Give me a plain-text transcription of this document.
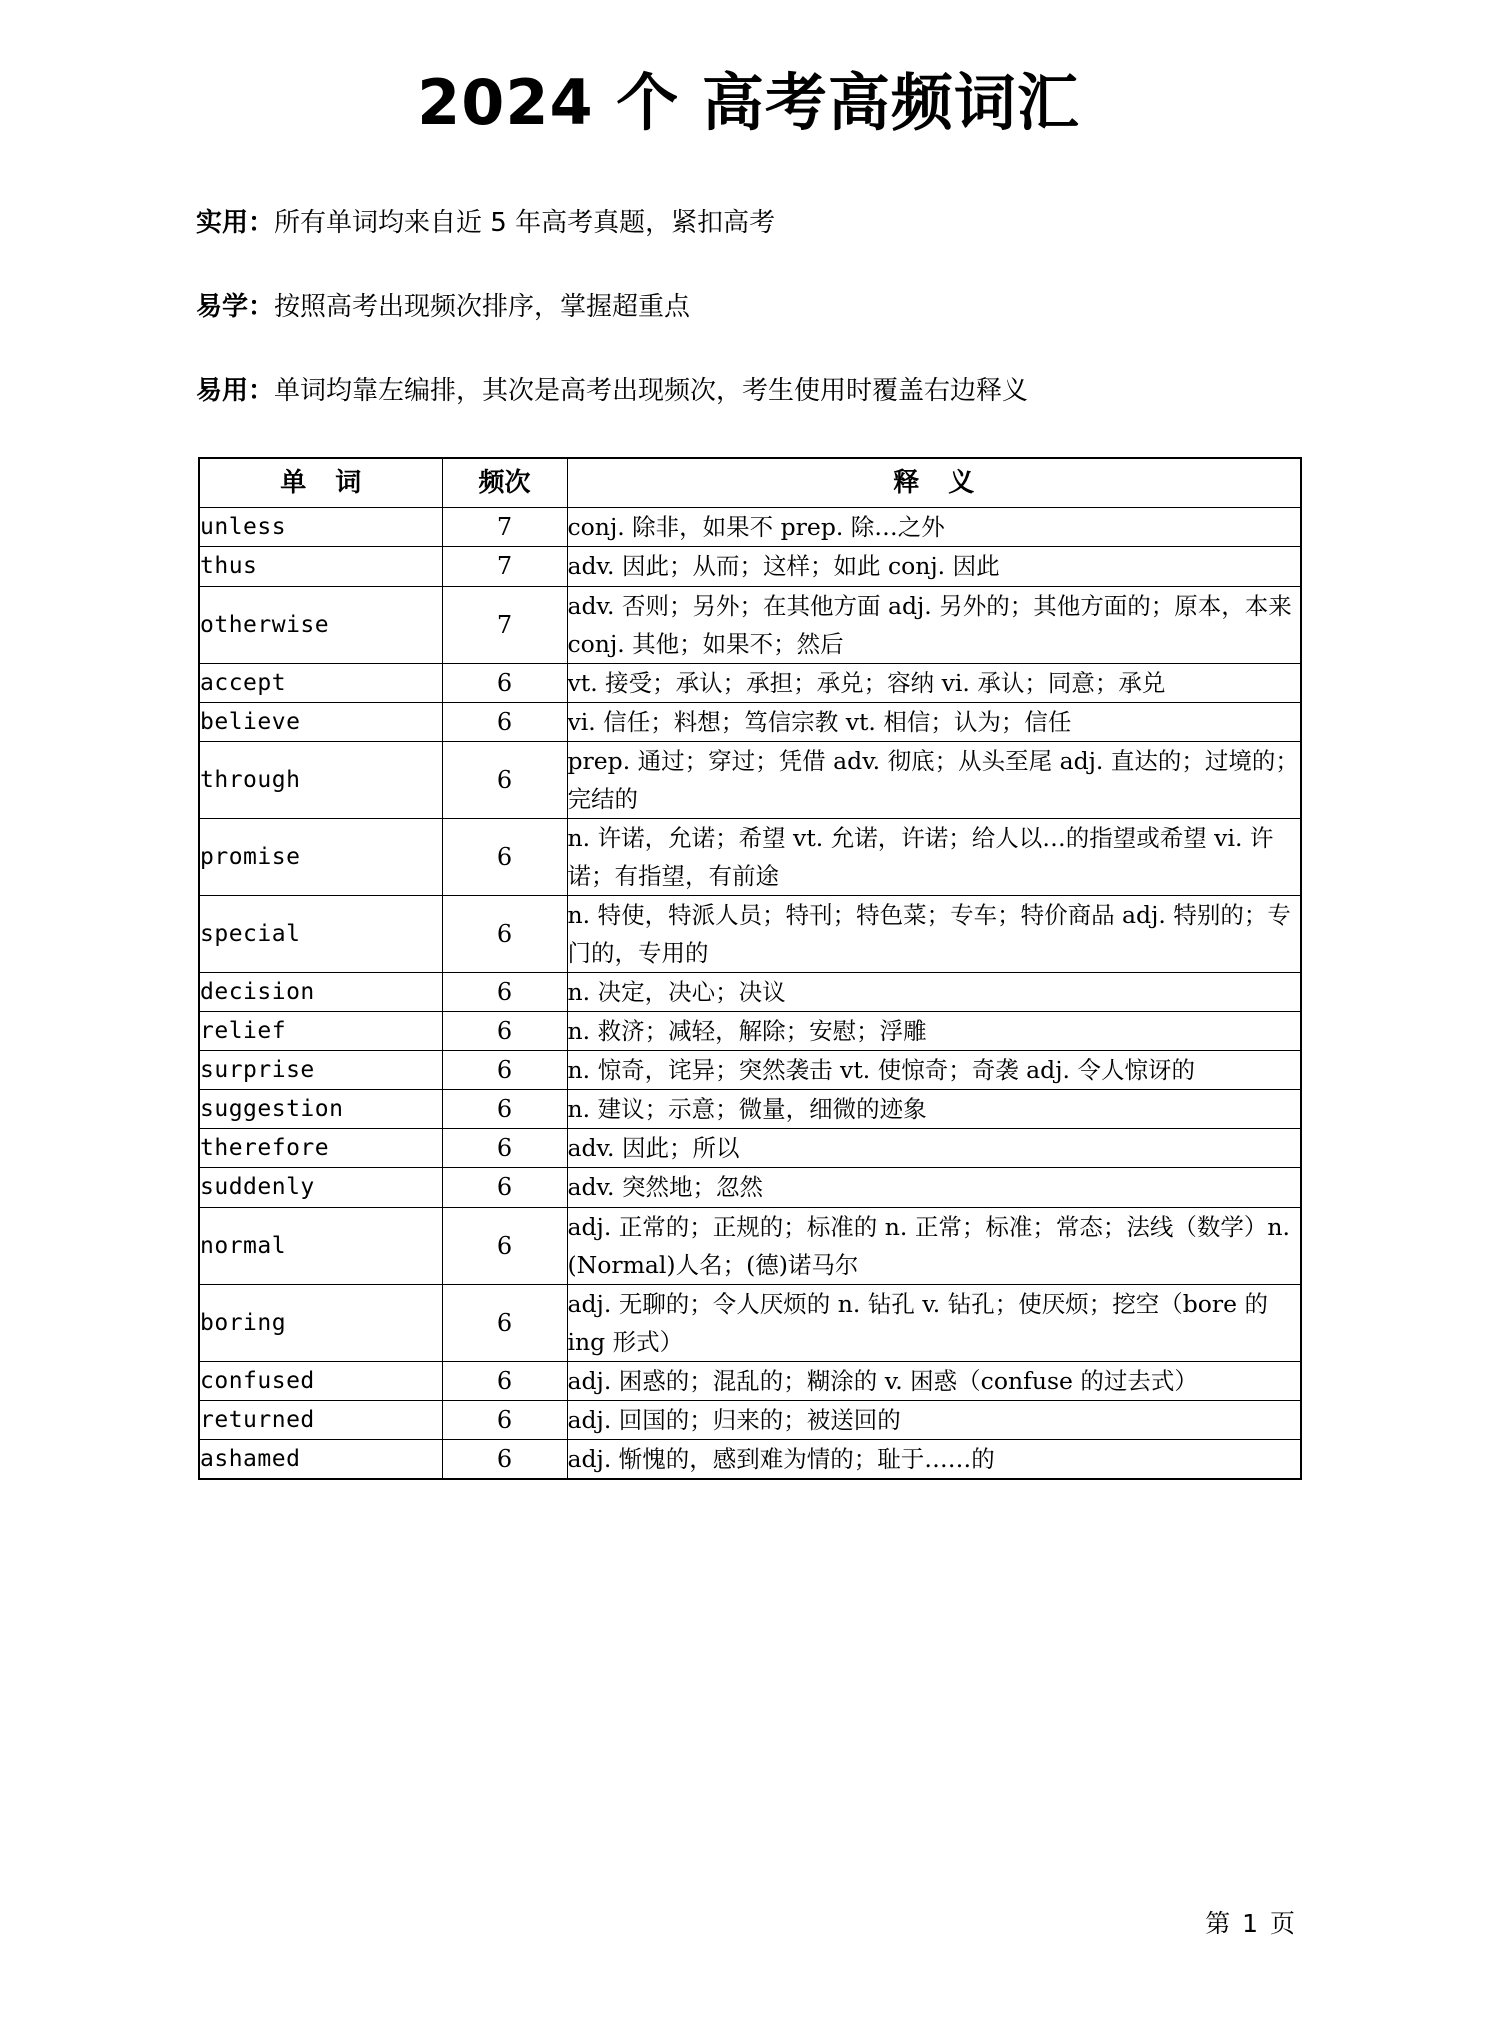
2024 个 高考高频词汇
实用：所有单词均来自近 5 年高考真题，紧扣高考
易学：按照高考出现频次排序，掌握超重点
易用：单词均靠左编排，其次是高考出现频次，考生使用时覆盖右边释义
单 词	频次	释 义
unless	7	conj. 除非，如果不 prep. 除…之外
thus	7	adv. 因此；从而；这样；如此 conj. 因此
otherwise	7	adv. 否则；另外；在其他方面 adj. 另外的；其他方面的；原本，本来 conj. 其他；如果不；然后
accept	6	vt. 接受；承认；承担；承兑；容纳 vi. 承认；同意；承兑
believe	6	vi. 信任；料想；笃信宗教 vt. 相信；认为；信任
through	6	prep. 通过；穿过；凭借 adv. 彻底；从头至尾 adj. 直达的；过境的；完结的
promise	6	n. 许诺，允诺；希望 vt. 允诺，许诺；给人以…的指望或希望 vi. 许诺；有指望，有前途
special	6	n. 特使，特派人员；特刊；特色菜；专车；特价商品 adj. 特别的；专门的，专用的
decision	6	n. 决定，决心；决议
relief	6	n. 救济；减轻，解除；安慰；浮雕
surprise	6	n. 惊奇，诧异；突然袭击 vt. 使惊奇；奇袭 adj. 令人惊讶的
suggestion	6	n. 建议；示意；微量，细微的迹象
therefore	6	adv. 因此；所以
suddenly	6	adv. 突然地；忽然
normal	6	adj. 正常的；正规的；标准的 n. 正常；标准；常态；法线（数学）n. (Normal)人名；(德)诺马尔
boring	6	adj. 无聊的；令人厌烦的 n. 钻孔 v. 钻孔；使厌烦；挖空（bore 的 ing 形式）
confused	6	adj. 困惑的；混乱的；糊涂的 v. 困惑（confuse 的过去式）
returned	6	adj. 回国的；归来的；被送回的
ashamed	6	adj. 惭愧的，感到难为情的；耻于……的
第 1 页
